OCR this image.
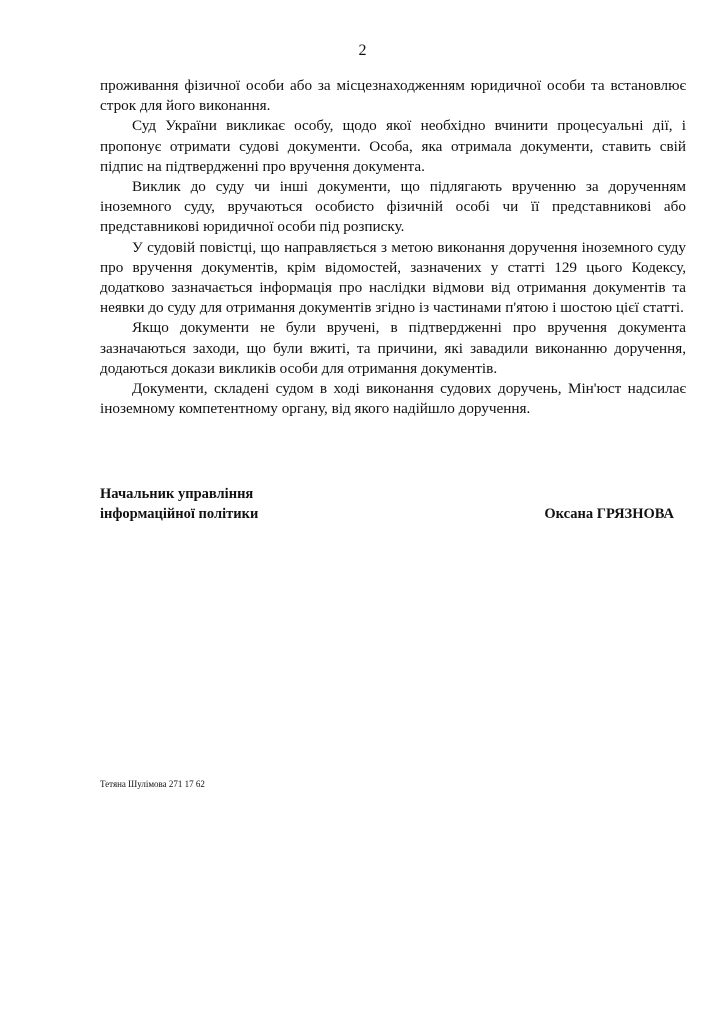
2

проживання фізичної особи або за місцезнаходженням юридичної особи та встановлює строк для його виконання.

Суд України викликає особу, щодо якої необхідно вчинити процесуальні дії, і пропонує отримати судові документи. Особа, яка отримала документи, ставить свій підпис на підтвердженні про вручення документа.

Виклик до суду чи інші документи, що підлягають врученню за дорученням іноземного суду, вручаються особисто фізичній особі чи її представникові або представникові юридичної особи під розписку.

У судовій повістці, що направляється з метою виконання доручення іноземного суду про вручення документів, крім відомостей, зазначених у статті 129 цього Кодексу, додатково зазначається інформація про наслідки відмови від отримання документів та неявки до суду для отримання документів згідно із частинами п'ятою і шостою цієї статті.

Якщо документи не були вручені, в підтвердженні про вручення документа зазначаються заходи, що були вжиті, та причини, які завадили виконанню доручення, додаються докази викликів особи для отримання документів.

Документи, складені судом в ході виконання судових доручень, Мін'юст надсилає іноземному компетентному органу, від якого надійшло доручення.

Начальник управління
інформаційної політики	Оксана ГРЯЗНОВА
Тетяна Шулімова 271 17 62
